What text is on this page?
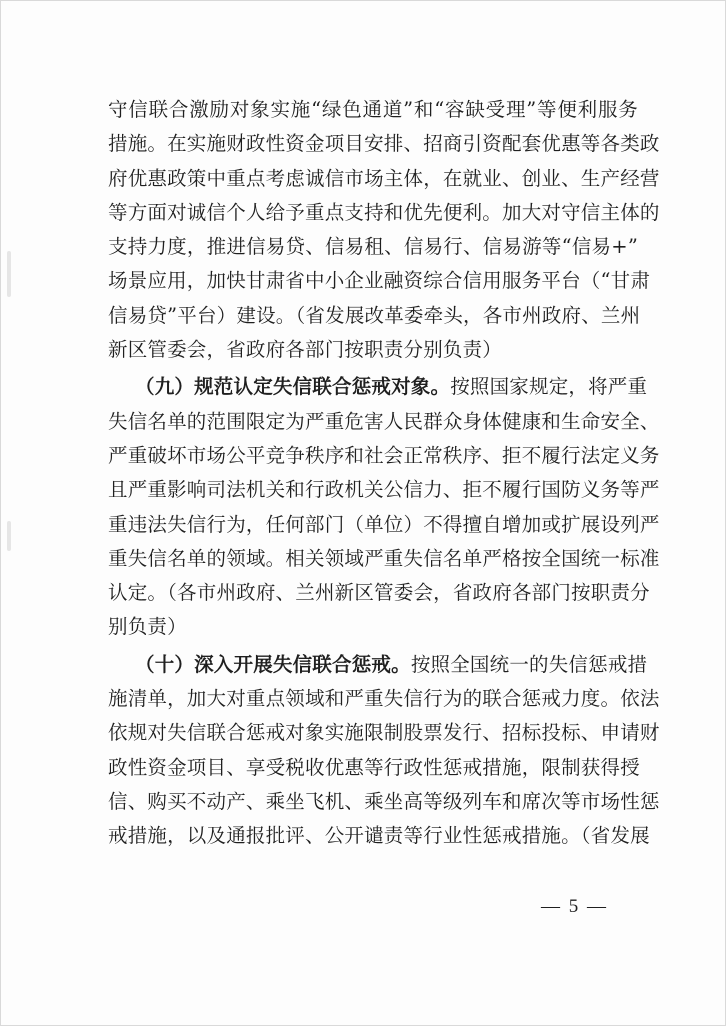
守信联合激励对象实施“绿色通道”和“容缺受理”等便利服务
措施。在实施财政性资金项目安排、招商引资配套优惠等各类政
府优惠政策中重点考虑诚信市场主体，在就业、创业、生产经营
等方面对诚信个人给予重点支持和优先便利。加大对守信主体的
支持力度，推进信易贷、信易租、信易行、信易游等“信易+”
场景应用，加快甘肃省中小企业融资综合信用服务平台（“甘肃
信易贷”平台）建设。（省发展改革委牵头，各市州政府、兰州
新区管委会，省政府各部门按职责分别负责）
（九）规范认定失信联合惩戒对象。按照国家规定，将严重
失信名单的范围限定为严重危害人民群众身体健康和生命安全、
严重破坏市场公平竞争秩序和社会正常秩序、拒不履行法定义务
且严重影响司法机关和行政机关公信力、拒不履行国防义务等严
重违法失信行为，任何部门（单位）不得擅自增加或扩展设列严
重失信名单的领域。相关领域严重失信名单严格按全国统一标准
认定。（各市州政府、兰州新区管委会，省政府各部门按职责分
别负责）
（十）深入开展失信联合惩戒。按照全国统一的失信惩戒措
施清单，加大对重点领域和严重失信行为的联合惩戒力度。依法
依规对失信联合惩戒对象实施限制股票发行、招标投标、申请财
政性资金项目、享受税收优惠等行政性惩戒措施，限制获得授
信、购买不动产、乘坐飞机、乘坐高等级列车和席次等市场性惩
戒措施，以及通报批评、公开谴责等行业性惩戒措施。（省发展
— 5 —
